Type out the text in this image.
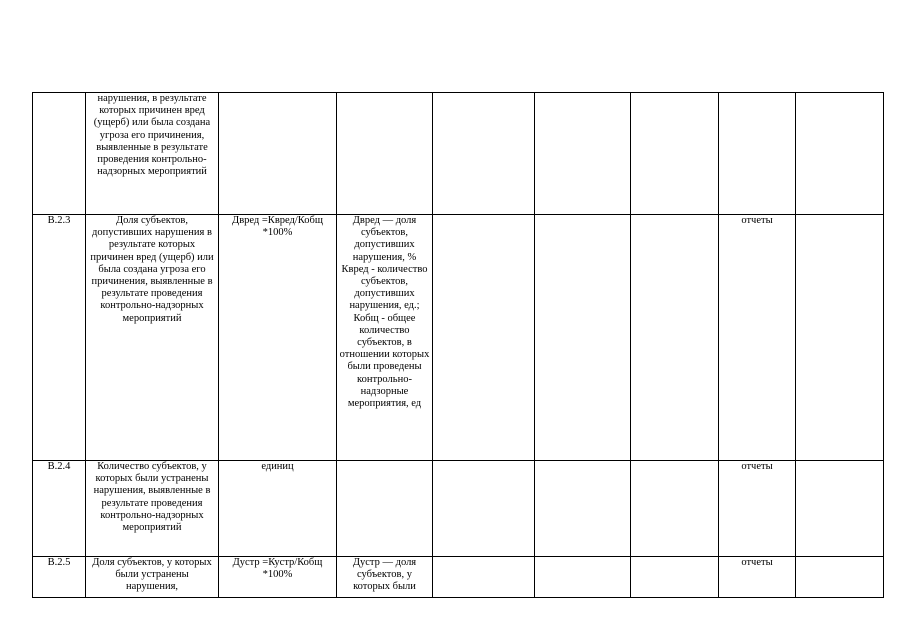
	нарушения, в результате которых причинен вред (ущерб) или была создана угроза его причинения, выявленные в результате проведения контрольно-надзорных мероприятий							
В.2.3	Доля субъектов, допустивших нарушения в результате которых причинен вред (ущерб) или была создана угроза его причинения, выявленные в результате проведения контрольно-надзорных мероприятий	Двред =Квред/Кобщ *100%	Двред — доля субъектов, допустивших нарушения, % Квред - количество субъектов, допустивших нарушения, ед.; Кобщ - общее количество субъектов, в отношении которых были проведены контрольно-надзорные мероприятия, ед				отчеты	
В.2.4	Количество субъектов, у которых были устранены нарушения, выявленные в результате проведения контрольно-надзорных мероприятий	единиц					отчеты	
В.2.5	Доля субъектов, у которых были устранены нарушения,	Дустр =Кустр/Кобщ *100%	Дустр — доля субъектов, у которых были				отчеты	
